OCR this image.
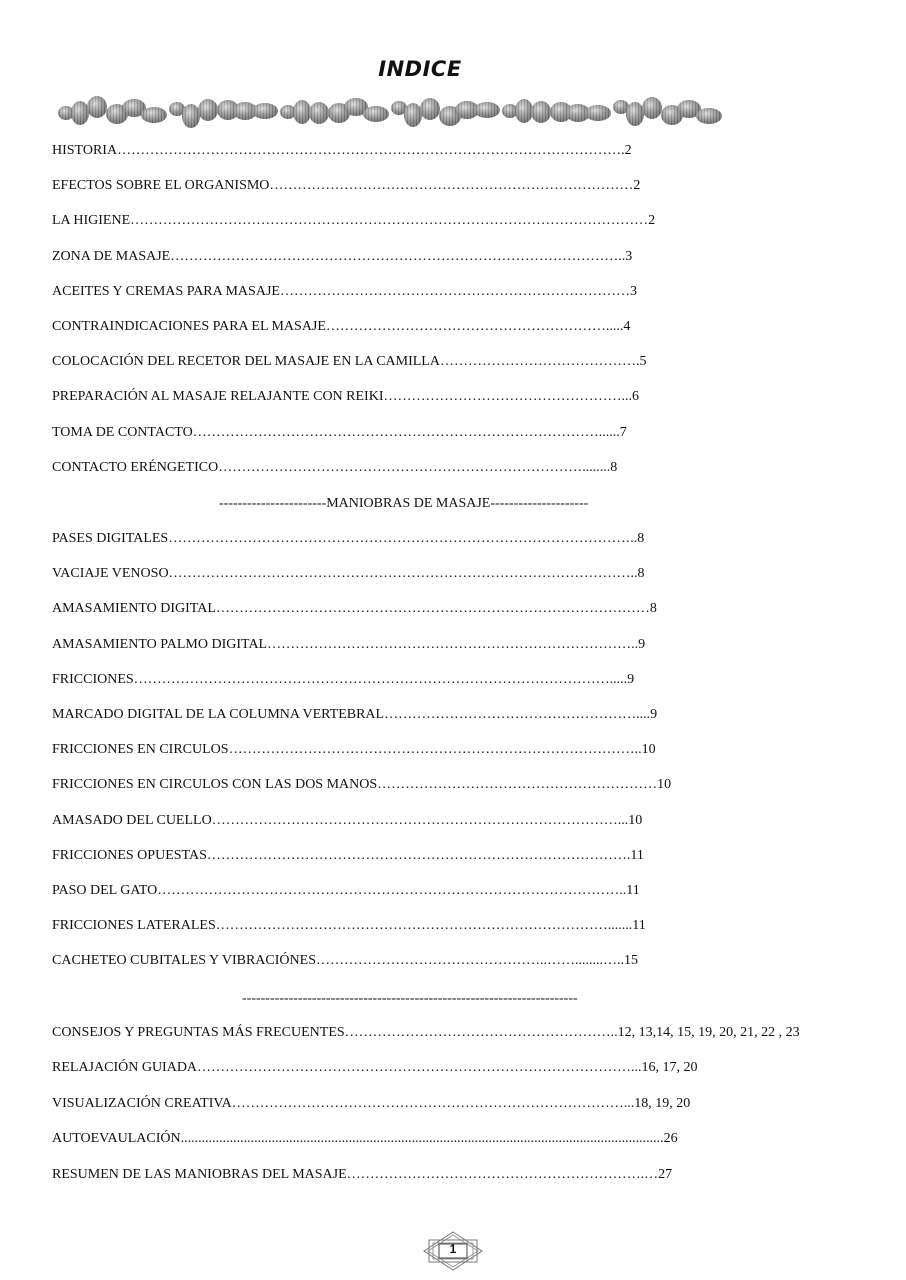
INDICE
HISTORIA……………………………………………………………………………………………….2
EFECTOS SOBRE EL ORGANISMO……………………………………………………………………2
LA HIGIENE…………………………………………………………………………………………………2
ZONA DE MASAJE……………………………………………………………………………………..3
ACEITES Y CREMAS PARA MASAJE…………………………………………………………………3
CONTRAINDICACIONES PARA EL MASAJE…………………………………………………….....4
COLOCACIÓN DEL RECETOR DEL MASAJE EN LA CAMILLA…………………………………….5
PREPARACIÓN AL MASAJE RELAJANTE CON REIKI……………………………………………...6
TOMA DE CONTACTO……………………………………………………………………………......7
CONTACTO ERÉNGETICO……………………………………………………………………........8
-----------------------MANIOBRAS DE MASAJE---------------------
PASES DIGITALES………………………………………………………………………………………..8
VACIAJE VENOSO………………………………………………………………………………………..8
AMASAMIENTO DIGITAL…………………………………………………………………………………8
AMASAMIENTO PALMO DIGITAL……………………………………………………………………..9
FRICCIONES………………………………………………………………………………………….....9
MARCADO DIGITAL DE LA COLUMNA VERTEBRAL………………………………………………....9
FRICCIONES EN CIRCULOS……………………………………………………………………………..10
FRICCIONES EN CIRCULOS CON LAS DOS MANOS……………………………………………………10
AMASADO DEL CUELLO……………………………………………………………………………...10
FRICCIONES OPUESTAS……………………………………………………………………………….11
PASO DEL GATO………………………………………………………………………………………..11
FRICCIONES LATERALES………………………………………………………………………….......11
CACHETEO CUBITALES Y VIBRACIÓNES…………………………………………..……........…..15
------------------------------------------------------------------------
CONSEJOS Y PREGUNTAS MÁS FRECUENTES…………………………………………………..12, 13,14, 15, 19, 20, 21, 22 , 23
RELAJACIÓN GUIADA…………………………………………………………………………………...16, 17, 20
VISUALIZACIÓN CREATIVA…………………………………………………………………………...18, 19, 20
AUTOEVAULACIÓN..........................................................................................................................................26
RESUMEN DE LAS MANIOBRAS DEL MASAJE……………………………………………………….…27
1
